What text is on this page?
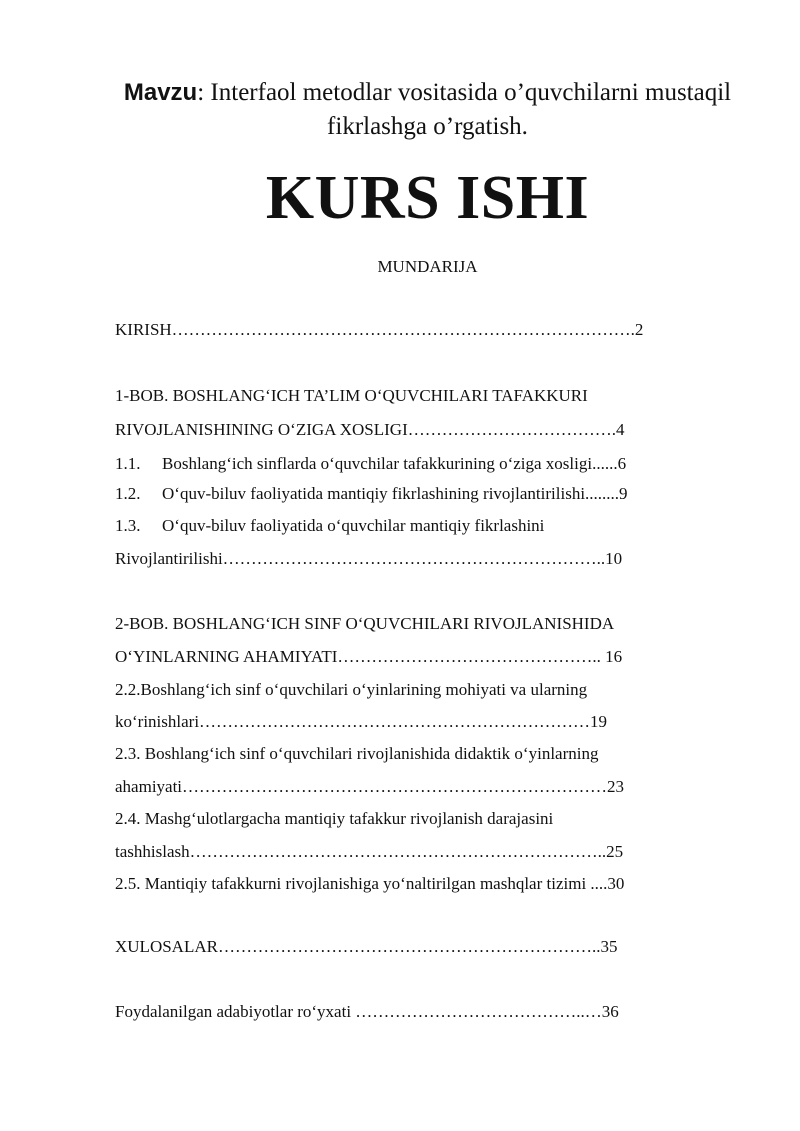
Mavzu: Interfaol metodlar vositasida o’quvchilarni mustaqil
fikrlashga o’rgatish.
KURS ISHI
MUNDARIJA
KIRISH……………………………………………………………………….2
1-BOB. BOSHLANG‘ICH TA’LIM O‘QUVCHILARI TAFAKKURI
RIVOJLANISHINING O‘ZIGA XOSLIGI……………………………….4
1.1. Boshlang‘ich sinflarda o‘quvchilar tafakkurining o‘ziga xosligi......6
1.2. O‘quv-biluv faoliyatida mantiqiy fikrlashining rivojlantirilishi........9
1.3. O‘quv-biluv faoliyatida o‘quvchilar mantiqiy fikrlashini
Rivojlantirilishi…………………………………………………………..10
2-BOB. BOSHLANG‘ICH SINF O‘QUVCHILARI RIVOJLANISHIDA
O‘YINLARNING AHAMIYATI……………………………………….. 16
2.2.Boshlang‘ich sinf o‘quvchilari o‘yinlarining mohiyati va ularning
ko‘rinishlari……………………………………………………………19
2.3. Boshlang‘ich sinf o‘quvchilari rivojlanishida didaktik o‘yinlarning
ahamiyati…………………………………………………………………23
2.4. Mashg‘ulotlargacha mantiqiy tafakkur rivojlanish darajasini
tashhislash………………………………………………………………..25
2.5. Mantiqiy tafakkurni rivojlanishiga yo‘naltirilgan mashqlar tizimi ....30
XULOSALAR…………………………………………………………..35
Foydalanilgan adabiyotlar ro‘yxati …………………………………..…36
